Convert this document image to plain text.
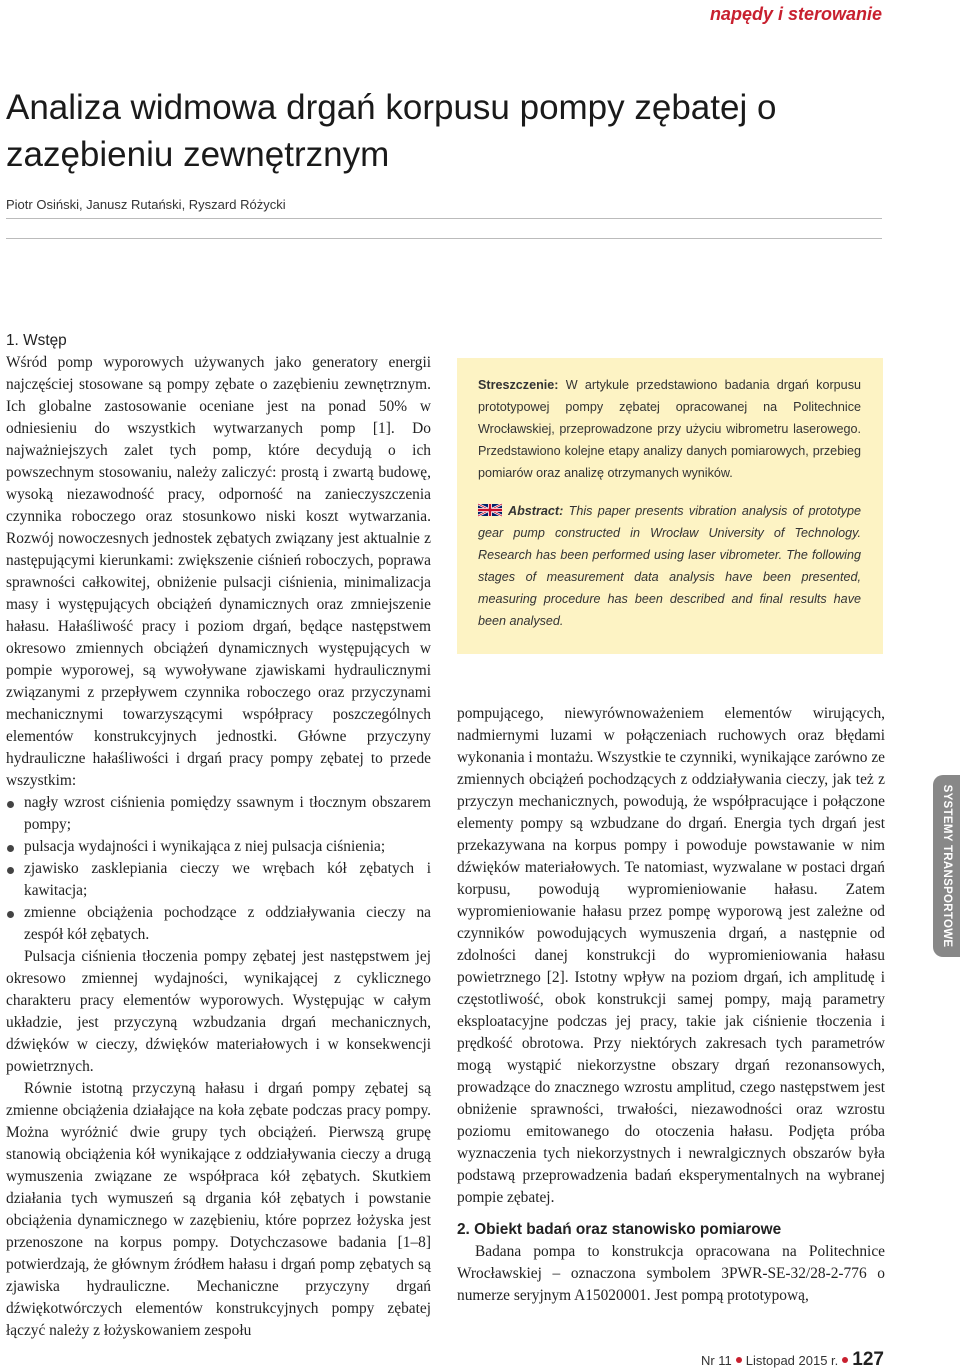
napędy i sterowanie
Analiza widmowa drgań korpusu pompy zębatej o zazębieniu zewnętrznym
Piotr Osiński, Janusz Rutański, Ryszard Różycki
1. Wstęp

Wśród pomp wyporowych używanych jako generatory energii najczęściej stosowane są pompy zębate o zazębieniu zewnętrznym. Ich globalne zastosowanie oceniane jest na ponad 50% w odniesieniu do wszystkich wytwarzanych pomp [1]. Do najważniejszych zalet tych pomp, które decydują o ich powszechnym stosowaniu, należy zaliczyć: prostą i zwartą budowę, wysoką niezawodność pracy, odporność na zanieczyszczenia czynnika roboczego oraz stosunkowo niski koszt wytwarzania. Rozwój nowoczesnych jednostek zębatych związany jest aktualnie z następującymi kierunkami: zwiększenie ciśnień roboczych, poprawa sprawności całkowitej, obniżenie pulsacji ciśnienia, minimalizacja masy i występujących obciążeń dynamicznych oraz zmniejszenie hałasu. Hałaśliwość pracy i poziom drgań, będące następstwem okresowo zmiennych obciążeń dynamicznych występujących w pompie wyporowej, są wywoływane zjawiskami hydraulicznymi związanymi z przepływem czynnika roboczego oraz przyczynami mechanicznymi towarzyszącymi współpracy poszczególnych elementów konstrukcyjnych jednostki. Główne przyczyny hydrauliczne hałaśliwości i drgań pracy pompy zębatej to przede wszystkim:

nagły wzrost ciśnienia pomiędzy ssawnym i tłocznym obszarem pompy;
pulsacja wydajności i wynikająca z niej pulsacja ciśnienia;
zjawisko zasklepiania cieczy we wrębach kół zębatych i kawitacja;
zmienne obciążenia pochodzące z oddziaływania cieczy na zespół kół zębatych.

Pulsacja ciśnienia tłoczenia pompy zębatej jest następstwem jej okresowo zmiennej wydajności, wynikającej z cyklicznego charakteru pracy elementów wyporowych. Występując w całym układzie, jest przyczyną wzbudzania drgań mechanicznych, dźwięków w cieczy, dźwięków materiałowych i w konsekwencji powietrznych.

Równie istotną przyczyną hałasu i drgań pompy zębatej są zmienne obciążenia działające na koła zębate podczas pracy pompy. Można wyróżnić dwie grupy tych obciążeń. Pierwszą grupę stanowią obciążenia kół wynikające z oddziaływania cieczy a drugą wymuszenia związane ze współpraca kół zębatych. Skutkiem działania tych wymuszeń są drgania kół zębatych i powstanie obciążenia dynamicznego w zazębieniu, które poprzez łożyska jest przenoszone na korpus pompy. Dotychczasowe badania [1–8] potwierdzają, że głównym źródłem hałasu i drgań pomp zębatych są zjawiska hydrauliczne. Mechaniczne przyczyny drgań dźwiękotwórczych elementów konstrukcyjnych pompy zębatej łączyć należy z łożyskowaniem zespołu

Streszczenie: W artykule przedstawiono badania drgań korpusu prototypowej pompy zębatej opracowanej na Politechnice Wrocławskiej, przeprowadzone przy użyciu wibrometru laserowego. Przedstawiono kolejne etapy analizy danych pomiarowych, przebieg pomiarów oraz analizę otrzymanych wyników.

Abstract: This paper presents vibration analysis of prototype gear pump constructed in Wrocław University of Technology. Research has been performed using laser vibrometer. The following stages of measurement data analysis have been presented, measuring procedure has been described and final results have been analysed.

pompującego, niewyrównoważeniem elementów wirujących, nadmiernymi luzami w połączeniach ruchowych oraz błędami wykonania i montażu. Wszystkie te czynniki, wynikające zarówno ze zmiennych obciążeń pochodzących z oddziaływania cieczy, jak też z przyczyn mechanicznych, powodują, że współpracujące i połączone elementy pompy są wzbudzane do drgań. Energia tych drgań jest przekazywana na korpus pompy i powoduje powstawanie w nim dźwięków materiałowych. Te natomiast, wyzwalane w postaci drgań korpusu, powodują wypromieniowanie hałasu. Zatem wypromieniowanie hałasu przez pompę wyporową jest zależne od czynników powodujących wymuszenia drgań, a następnie od zdolności danej konstrukcji do wypromieniowania hałasu powietrznego [2]. Istotny wpływ na poziom drgań, ich amplitudę i częstotliwość, obok konstrukcji samej pompy, mają parametry eksploatacyjne podczas jej pracy, takie jak ciśnienie tłoczenia i prędkość obrotowa. Przy niektórych zakresach tych parametrów mogą wystąpić niekorzystne obszary drgań rezonansowych, prowadzące do znacznego wzrostu amplitud, czego następstwem jest obniżenie sprawności, trwałości, niezawodności oraz wzrostu poziomu emitowanego do otoczenia hałasu. Podjęta próba wyznaczenia tych niekorzystnych i newralgicznych obszarów była podstawą przeprowadzenia badań eksperymentalnych na wybranej pompie zębatej.

2. Obiekt badań oraz stanowisko pomiarowe

Badana pompa to konstrukcja opracowana na Politechnice Wrocławskiej – oznaczona symbolem 3PWR-SE-32/28-2-776 o numerze seryjnym A15020001. Jest pompą prototypową,

SYSTEMY TRANSPORTOWE
Nr 11 Listopad 2015 r. 127
